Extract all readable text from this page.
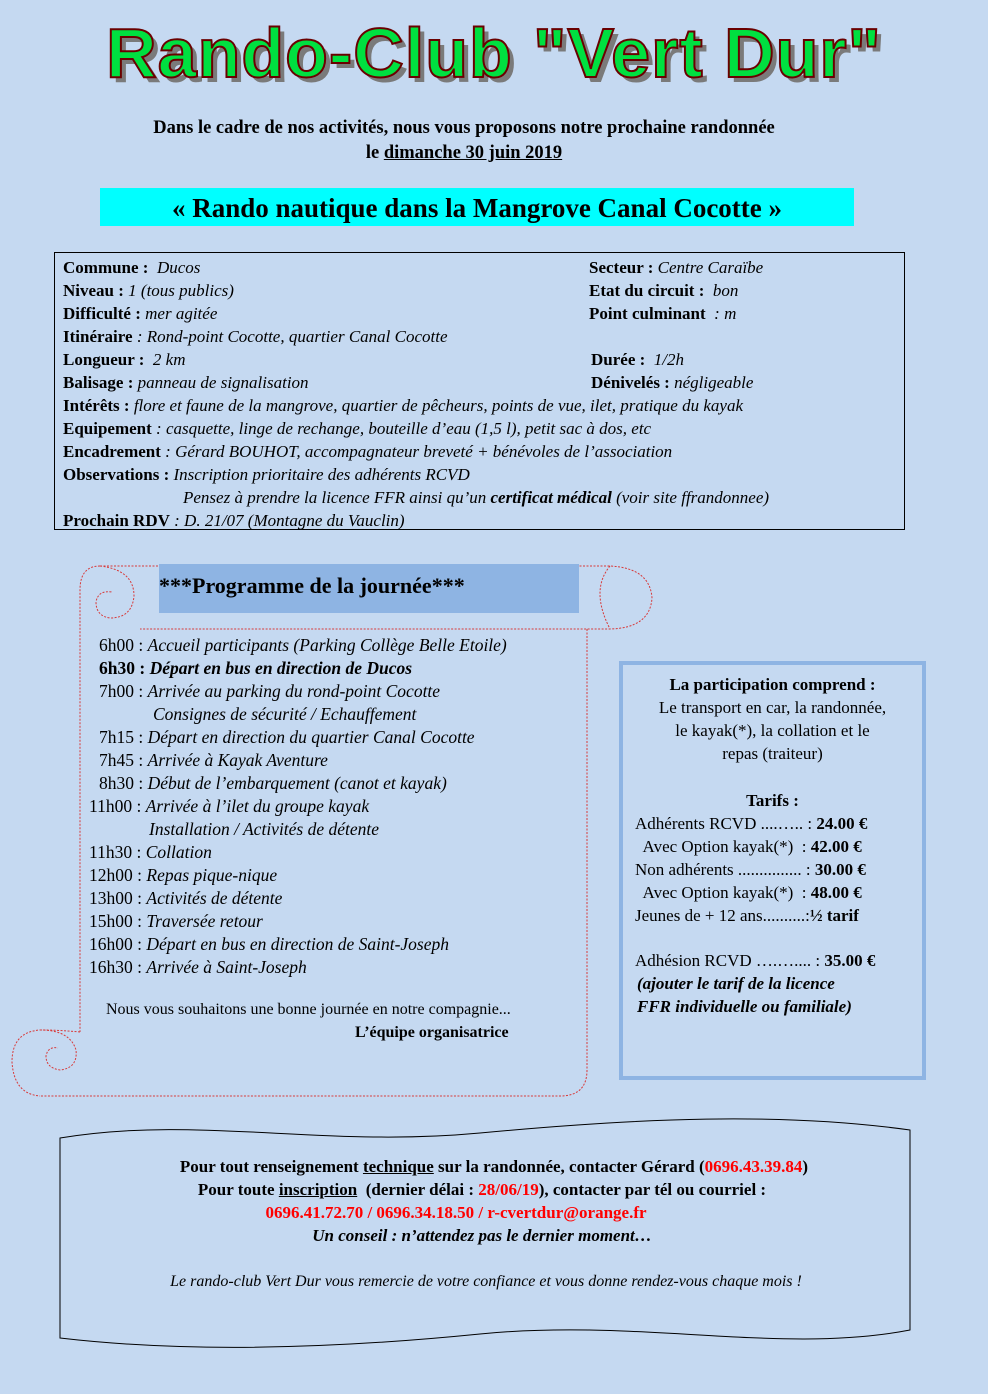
Rando-Club "Vert Dur"
Dans le cadre de nos activités, nous vous proposons notre prochaine randonnée
le dimanche 30 juin 2019
« Rando nautique dans la Mangrove Canal Cocotte »
Commune : Ducos	Secteur : Centre Caraïbe
Niveau : 1 (tous publics)	Etat du circuit : bon
Difficulté : mer agitée	Point culminant : m
Itinéraire : Rond-point Cocotte, quartier Canal Cocotte
Longueur : 2 km	Durée : 1/2h
Balisage : panneau de signalisation	Dénivelés : négligeable
Intérêts : flore et faune de la mangrove, quartier de pêcheurs, points de vue, ilet, pratique du kayak
Equipement : casquette, linge de rechange, bouteille d’eau (1,5 l), petit sac à dos, etc
Encadrement : Gérard BOUHOT, accompagnateur breveté + bénévoles de l’association
Observations : Inscription prioritaire des adhérents RCVD
Pensez à prendre la licence FFR ainsi qu’un certificat médical (voir site ffrandonnee)
Prochain RDV : D. 21/07 (Montagne du Vauclin)
***Programme de la journée***
6h00 : Accueil participants (Parking Collège Belle Etoile)
6h30 : Départ en bus en direction de Ducos
7h00 : Arrivée au parking du rond-point Cocotte
Consignes de sécurité / Echauffement
7h15 : Départ en direction du quartier Canal Cocotte
7h45 : Arrivée à Kayak Aventure
8h30 : Début de l’embarquement (canot et kayak)
11h00 : Arrivée à l’ilet du groupe kayak
Installation / Activités de détente
11h30 : Collation
12h00 : Repas pique-nique
13h00 : Activités de détente
15h00 : Traversée retour
16h00 : Départ en bus en direction de Saint-Joseph
16h30 : Arrivée à Saint-Joseph
Nous vous souhaitons une bonne journée en notre compagnie...
L’équipe organisatrice
La participation comprend :
Le transport en car, la randonnée,
le kayak(*), la collation et le
repas (traiteur)
Tarifs :
Adhérents RCVD ....….. : 24.00 €
Avec Option kayak(*)  : 42.00 €
Non adhérents ............... : 30.00 €
Avec Option kayak(*)  : 48.00 €
Jeunes de + 12 ans..........:½ tarif
Adhésion RCVD ….….... : 35.00 €
(ajouter le tarif de la licence
FFR individuelle ou familiale)
Pour tout renseignement technique sur la randonnée, contacter Gérard (0696.43.39.84)
Pour toute inscription (dernier délai : 28/06/19), contacter par tél ou courriel :
0696.41.72.70 / 0696.34.18.50 / r-cvertdur@orange.fr
Un conseil : n’attendez pas le dernier moment…
Le rando-club Vert Dur vous remercie de votre confiance et vous donne rendez-vous chaque mois !
